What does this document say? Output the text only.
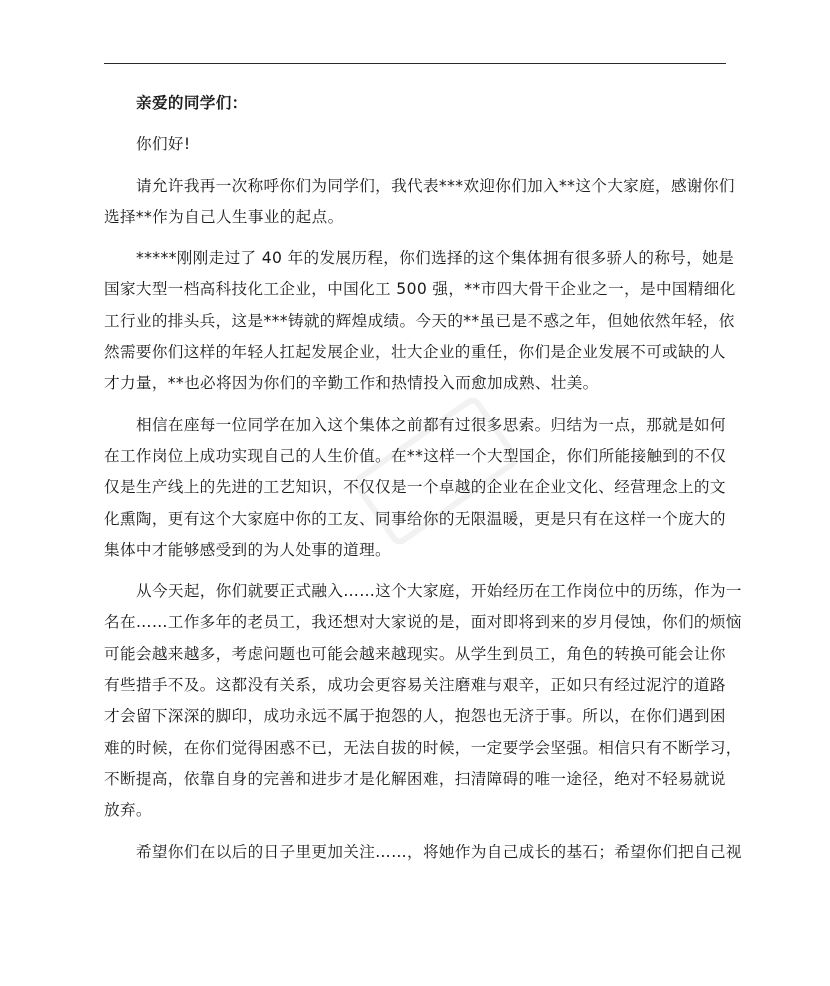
亲爱的同学们：
你们好!
请允许我再一次称呼你们为同学们，我代表***欢迎你们加入**这个大家庭，感谢你们
选择**作为自己人生事业的起点。
*****刚刚走过了 40 年的发展历程，你们选择的这个集体拥有很多骄人的称号，她是
国家大型一档高科技化工企业，中国化工 500 强，**市四大骨干企业之一，是中国精细化
工行业的排头兵，这是***铸就的辉煌成绩。今天的**虽已是不惑之年，但她依然年轻，依
然需要你们这样的年轻人扛起发展企业，壮大企业的重任，你们是企业发展不可或缺的人
才力量，**也必将因为你们的辛勤工作和热情投入而愈加成熟、壮美。
相信在座每一位同学在加入这个集体之前都有过很多思索。归结为一点，那就是如何
在工作岗位上成功实现自己的人生价值。在**这样一个大型国企，你们所能接触到的不仅
仅是生产线上的先进的工艺知识，不仅仅是一个卓越的企业在企业文化、经营理念上的文
化熏陶，更有这个大家庭中你的工友、同事给你的无限温暖，更是只有在这样一个庞大的
集体中才能够感受到的为人处事的道理。
从今天起，你们就要正式融入……这个大家庭，开始经历在工作岗位中的历练，作为一
名在……工作多年的老员工，我还想对大家说的是，面对即将到来的岁月侵蚀，你们的烦恼
可能会越来越多，考虑问题也可能会越来越现实。从学生到员工，角色的转换可能会让你
有些措手不及。这都没有关系，成功会更容易关注磨难与艰辛，正如只有经过泥泞的道路
才会留下深深的脚印，成功永远不属于抱怨的人，抱怨也无济于事。所以，在你们遇到困
难的时候，在你们觉得困惑不已，无法自拔的时候，一定要学会坚强。相信只有不断学习，
不断提高，依靠自身的完善和进步才是化解困难，扫清障碍的唯一途径，绝对不轻易就说
放弃。
希望你们在以后的日子里更加关注……，将她作为自己成长的基石；希望你们把自己视
